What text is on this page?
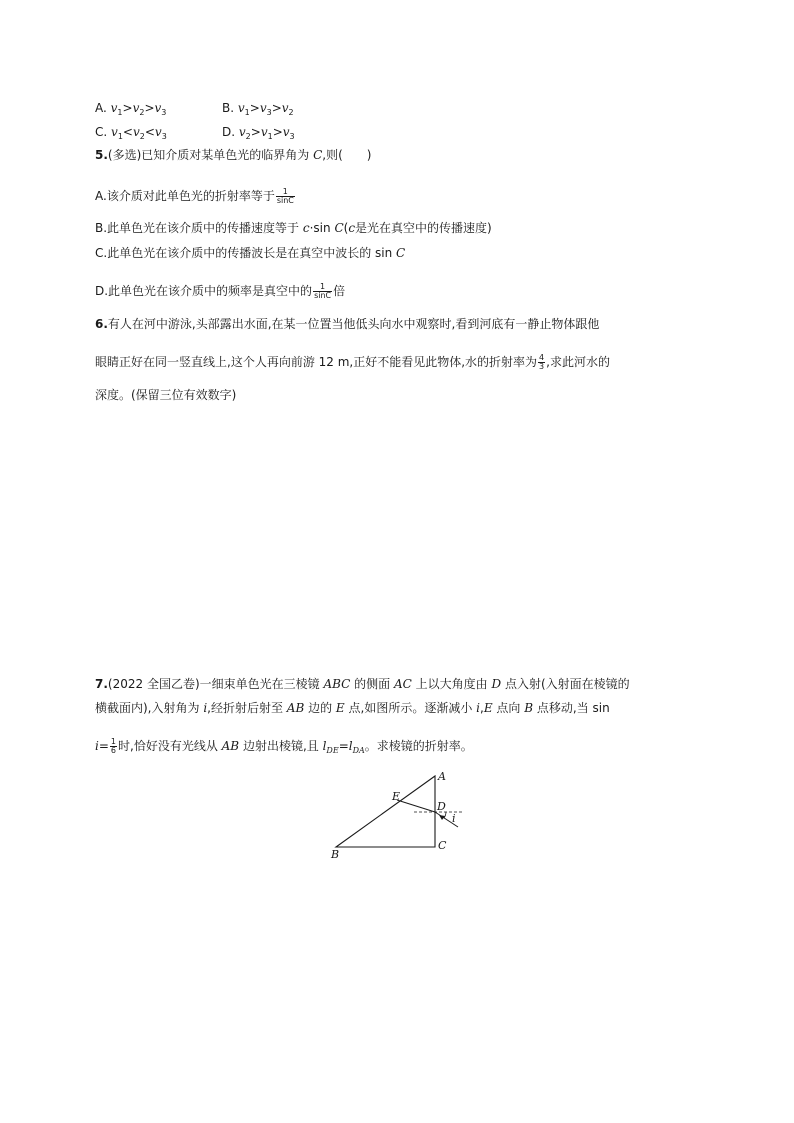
A. $v_1>v_2>v_3$	B. $v_1>v_3>v_2$
C. $v_1<v_2<v_3$	D. $v_2>v_1>v_3$
5.(多选)已知介质对某单色光的临界角为 C,则(　　)
A.该介质对此单色光的折射率等于 $\frac{1}{\sin C}$
B.此单色光在该介质中的传播速度等于 c·sin C(c是光在真空中的传播速度)
C.此单色光在该介质中的传播波长是在真空中波长的 sin C
D.此单色光在该介质中的频率是真空中的 $\frac{1}{\sin C}$ 倍
6.有人在河中游泳,头部露出水面,在某一位置当他低头向水中观察时,看到河底有一静止物体跟他
眼睛正好在同一竖直线上,这个人再向前游 12 m,正好不能看见此物体,水的折射率为 $\frac{4}{3}$ ,求此河水的
深度。(保留三位有效数字)
7.(2022 全国乙卷)一细束单色光在三棱镜 ABC 的侧面 AC 上以大角度由 D 点入射(入射面在棱镜的
横截面内),入射角为 i,经折射后射至 AB 边的 E 点,如图所示。逐渐减小 i,E 点向 B 点移动,当 sin
$i= \frac{1}{6}$ 时,恰好没有光线从 AB 边射出棱镜,且 $l_{DE}=l_{DA}$。求棱镜的折射率。
A
E
D
i
B
C
